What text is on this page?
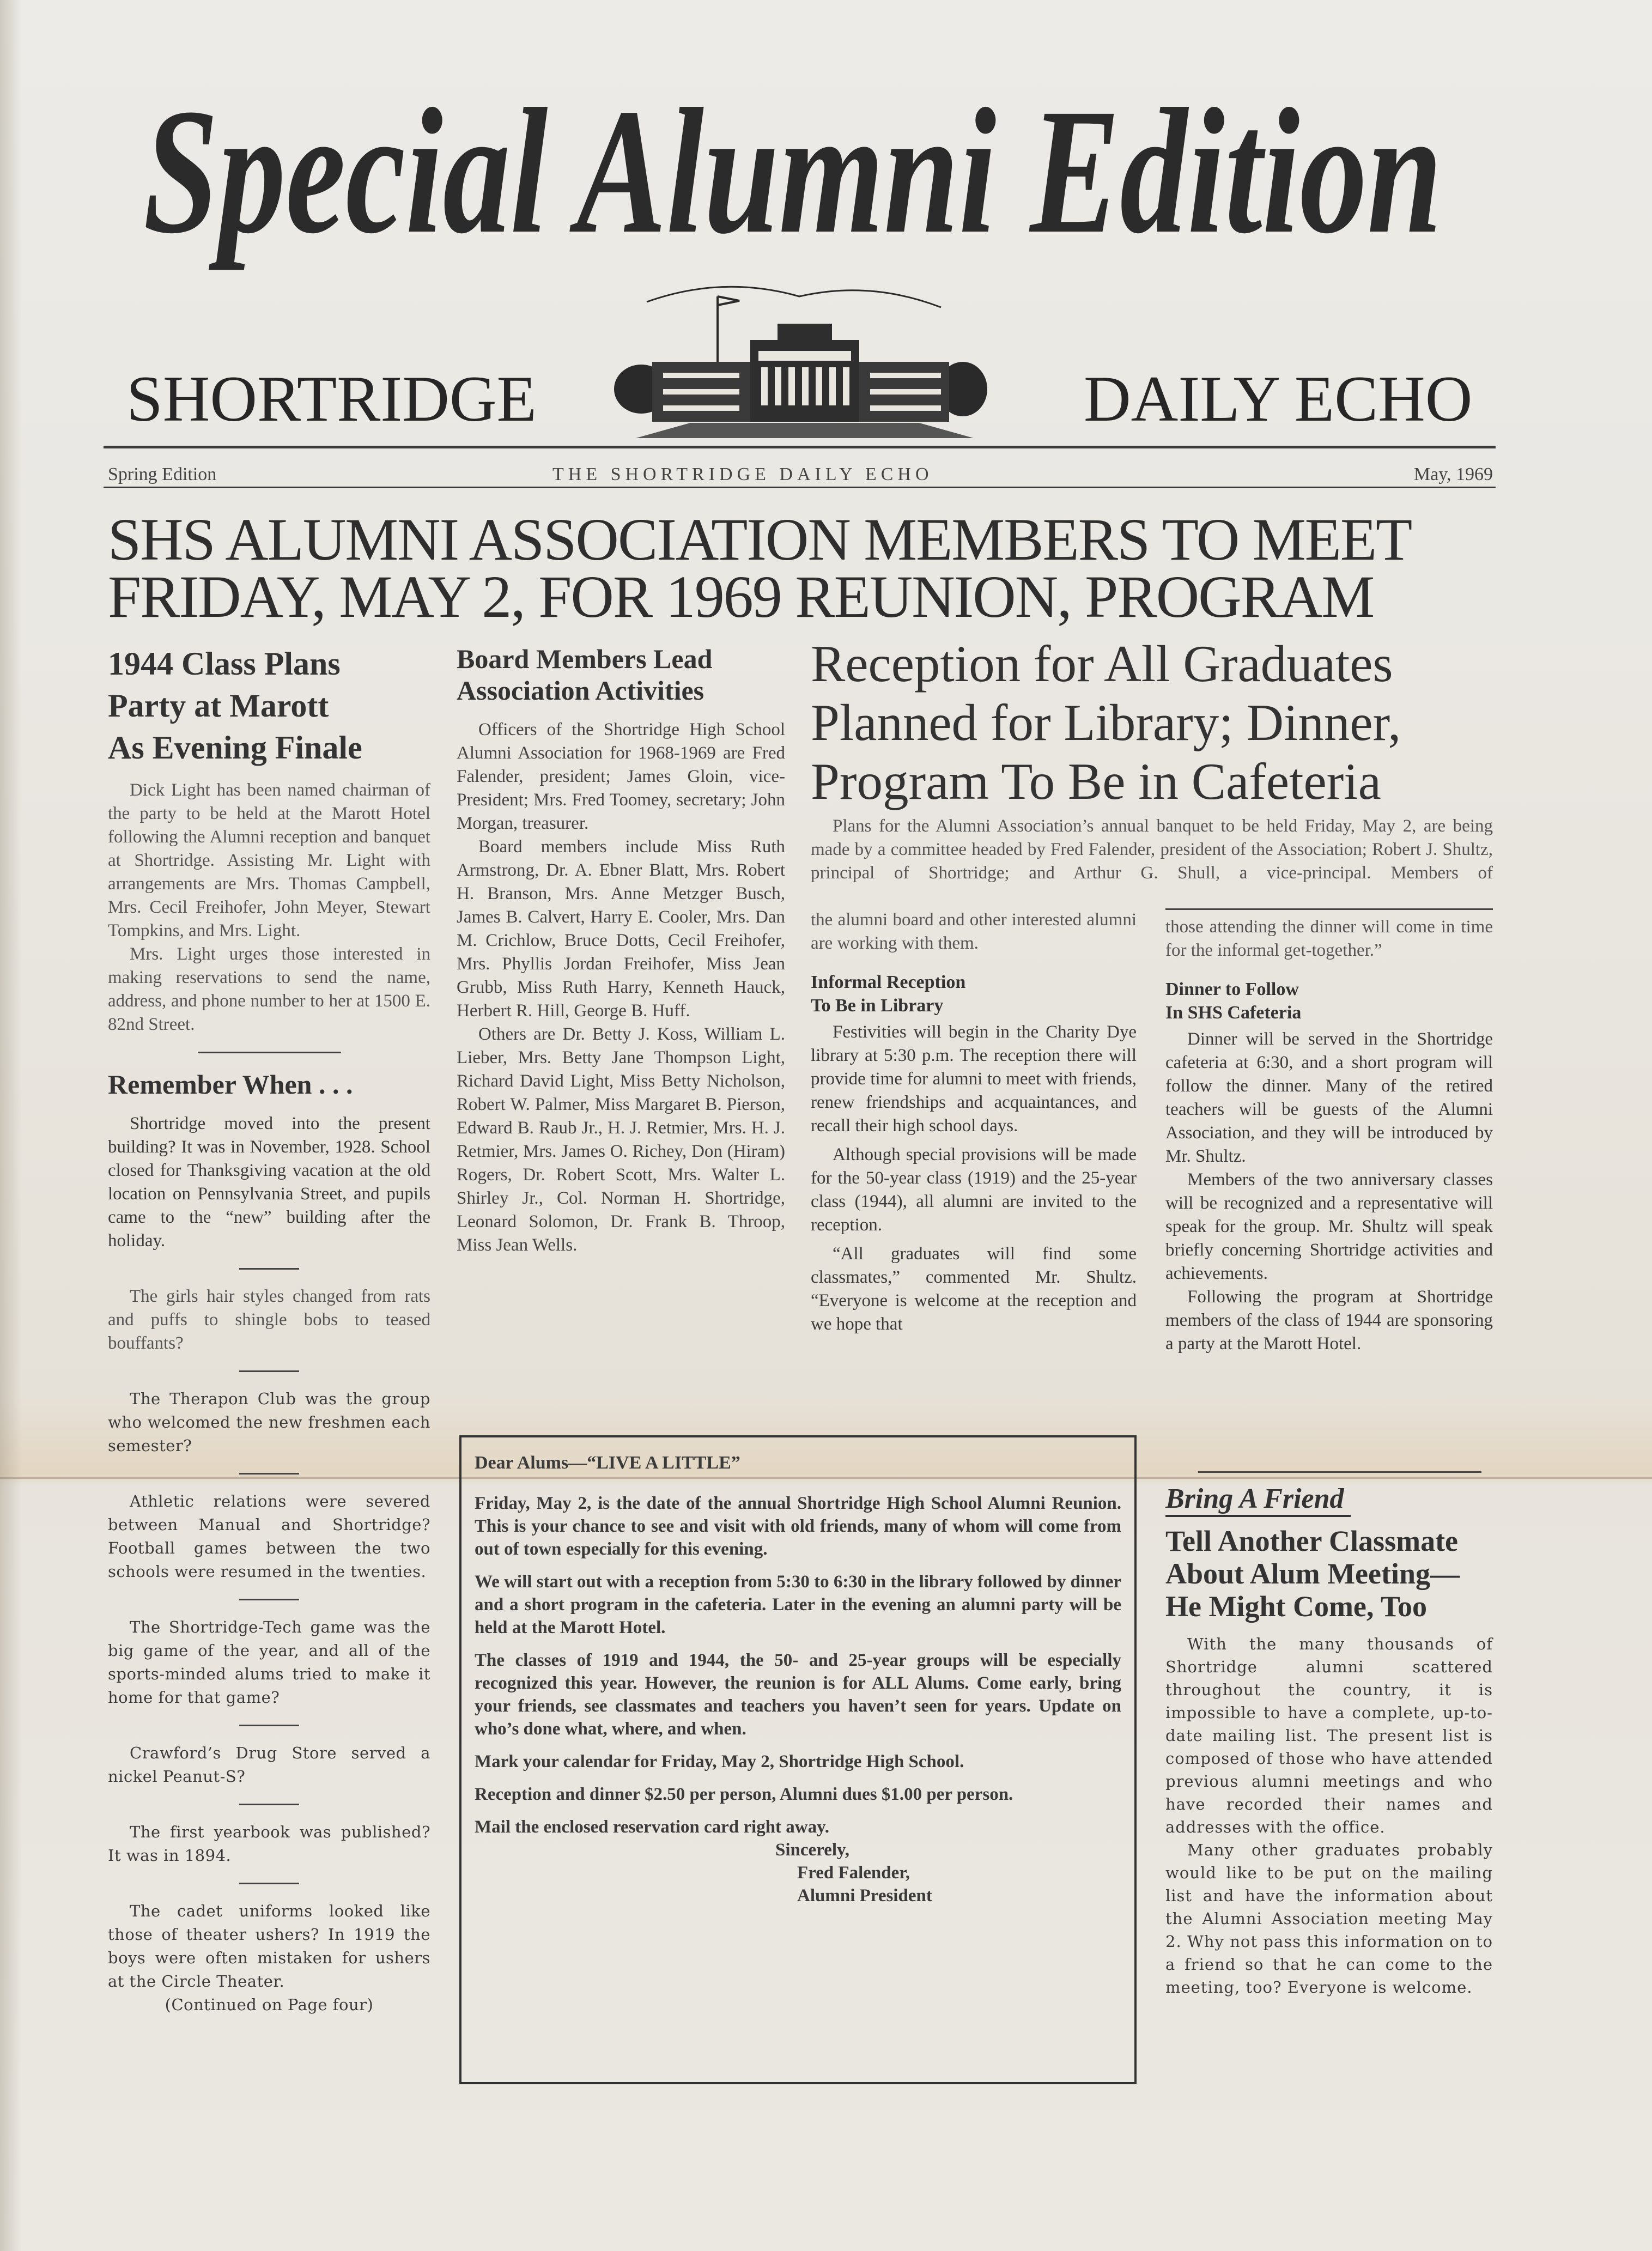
Special Alumni Edition
SHORTRIDGE	DAILY ECHO
Spring Edition	THE SHORTRIDGE DAILY ECHO	May, 1969
SHS ALUMNI ASSOCIATION MEMBERS TO MEET
FRIDAY, MAY 2, FOR 1969 REUNION, PROGRAM
1944 Class Plans
Party at Marott
As Evening Finale

Dick Light has been named chairman of the party to be held at the Marott Hotel following the Alumni reception and banquet at Shortridge. Assisting Mr. Light with arrangements are Mrs. Thomas Campbell, Mrs. Cecil Freihofer, John Meyer, Stewart Tompkins, and Mrs. Light.

Mrs. Light urges those interested in making reservations to send the name, address, and phone number to her at 1500 E. 82nd Street.

Remember When . . .

Shortridge moved into the present building? It was in November, 1928. School closed for Thanksgiving vacation at the old location on Pennsylvania Street, and pupils came to the “new” building after the holiday.

The girls hair styles changed from rats and puffs to shingle bobs to teased bouffants?

The Therapon Club was the group who welcomed the new freshmen each semester?

Athletic relations were severed between Manual and Shortridge? Football games between the two schools were resumed in the twenties.

The Shortridge-Tech game was the big game of the year, and all of the sports-minded alums tried to make it home for that game?

Crawford’s Drug Store served a nickel Peanut-S?

The first yearbook was published? It was in 1894.

The cadet uniforms looked like those of theater ushers? In 1919 the boys were often mistaken for ushers at the Circle Theater.

(Continued on Page four)

Board Members Lead
Association Activities

Officers of the Shortridge High School Alumni Association for 1968-1969 are Fred Falender, president; James Gloin, vice-President; Mrs. Fred Toomey, secretary; John Morgan, treasurer.

Board members include Miss Ruth Armstrong, Dr. A. Ebner Blatt, Mrs. Robert H. Branson, Mrs. Anne Metzger Busch, James B. Calvert, Harry E. Cooler, Mrs. Dan M. Crichlow, Bruce Dotts, Cecil Freihofer, Mrs. Phyllis Jordan Freihofer, Miss Jean Grubb, Miss Ruth Harry, Kenneth Hauck, Herbert R. Hill, George B. Huff.

Others are Dr. Betty J. Koss, William L. Lieber, Mrs. Betty Jane Thompson Light, Richard David Light, Miss Betty Nicholson, Robert W. Palmer, Miss Margaret B. Pierson, Edward B. Raub Jr., H. J. Retmier, Mrs. H. J. Retmier, Mrs. James O. Richey, Don (Hiram) Rogers, Dr. Robert Scott, Mrs. Walter L. Shirley Jr., Col. Norman H. Shortridge, Leonard Solomon, Dr. Frank B. Throop, Miss Jean Wells.

Reception for All Graduates
Planned for Library; Dinner,
Program To Be in Cafeteria

Plans for the Alumni Association’s annual banquet to be held Friday, May 2, are being made by a committee headed by Fred Falender, president of the Association; Robert J. Shultz, principal of Shortridge; and Arthur G. Shull, a vice-principal. Members of

the alumni board and other interested alumni are working with them.

Informal Reception
To Be in Library

Festivities will begin in the Charity Dye library at 5:30 p.m. The reception there will provide time for alumni to meet with friends, renew friendships and acquaintances, and recall their high school days.

Although special provisions will be made for the 50-year class (1919) and the 25-year class (1944), all alumni are invited to the reception.

“All graduates will find some classmates,” commented Mr. Shultz. “Everyone is welcome at the reception and we hope that

those attending the dinner will come in time for the informal get-together.”

Dinner to Follow
In SHS Cafeteria

Dinner will be served in the Shortridge cafeteria at 6:30, and a short program will follow the dinner. Many of the retired teachers will be guests of the Alumni Association, and they will be introduced by Mr. Shultz.

Members of the two anniversary classes will be recognized and a representative will speak for the group. Mr. Shultz will speak briefly concerning Shortridge activities and achievements.

Following the program at Shortridge members of the class of 1944 are sponsoring a party at the Marott Hotel.

Dear Alums—“LIVE A LITTLE”

Friday, May 2, is the date of the annual Shortridge High School Alumni Reunion. This is your chance to see and visit with old friends, many of whom will come from out of town especially for this evening.

We will start out with a reception from 5:30 to 6:30 in the library followed by dinner and a short program in the cafeteria. Later in the evening an alumni party will be held at the Marott Hotel.

The classes of 1919 and 1944, the 50- and 25-year groups will be especially recognized this year. However, the reunion is for ALL Alums. Come early, bring your friends, see classmates and teachers you haven’t seen for years. Update on who’s done what, where, and when.

Mark your calendar for Friday, May 2, Shortridge High School.

Reception and dinner $2.50 per person, Alumni dues $1.00 per person.

Mail the enclosed reservation card right away.

Sincerely,
Fred Falender,
Alumni President
Bring A Friend
Tell Another Classmate
About Alum Meeting—
He Might Come, Too

With the many thousands of Shortridge alumni scattered throughout the country, it is impossible to have a complete, up-to-date mailing list. The present list is composed of those who have attended previous alumni meetings and who have recorded their names and addresses with the office.

Many other graduates probably would like to be put on the mailing list and have the information about the Alumni Association meeting May 2. Why not pass this information on to a friend so that he can come to the meeting, too? Everyone is welcome.
